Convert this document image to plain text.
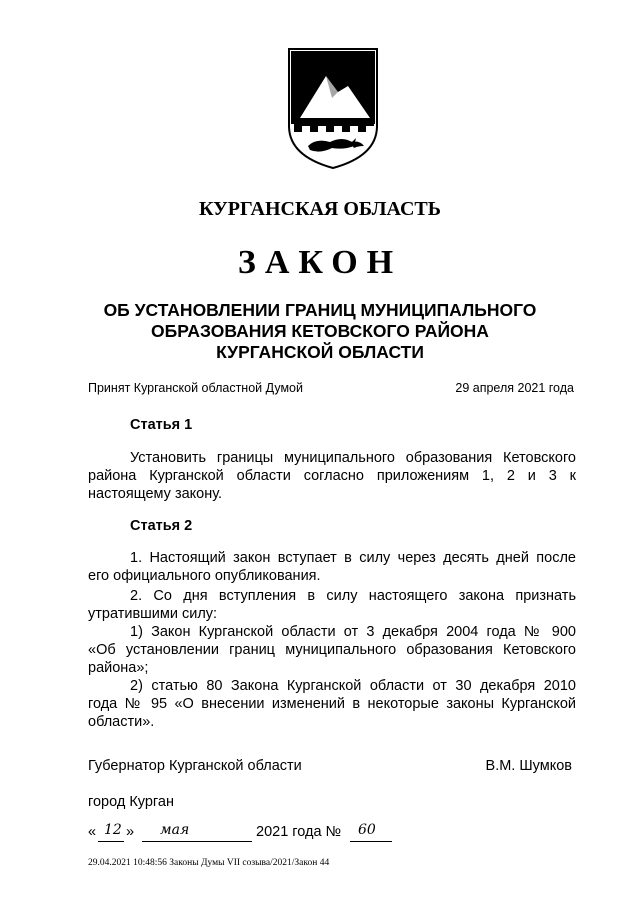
КУРГАНСКАЯ ОБЛАСТЬ
ЗАКОН
ОБ УСТАНОВЛЕНИИ ГРАНИЦ МУНИЦИПАЛЬНОГО
ОБРАЗОВАНИЯ КЕТОВСКОГО РАЙОНА
КУРГАНСКОЙ ОБЛАСТИ
Принят Курганской областной Думой	29 апреля 2021 года
Статья 1
Установить границы муниципального образования Кетовского
района Курганской области согласно приложениям 1, 2 и 3 к
настоящему закону.
Статья 2
1. Настоящий закон вступает в силу через десять дней после
его официального опубликования.
2. Со дня вступления в силу настоящего закона признать
утратившими силу:
1) Закон Курганской области от 3 декабря 2004 года № 900
«Об установлении границ муниципального образования Кетовского
района»;
2) статью 80 Закона Курганской области от 30 декабря 2010
года № 95 «О внесении изменений в некоторые законы Курганской
области».
Губернатор Курганской области	В.М. Шумков
город Курган
« 12 » мая	2021 года № 60
29.04.2021 10:48:56 Законы Думы VII созыва/2021/Закон 44
